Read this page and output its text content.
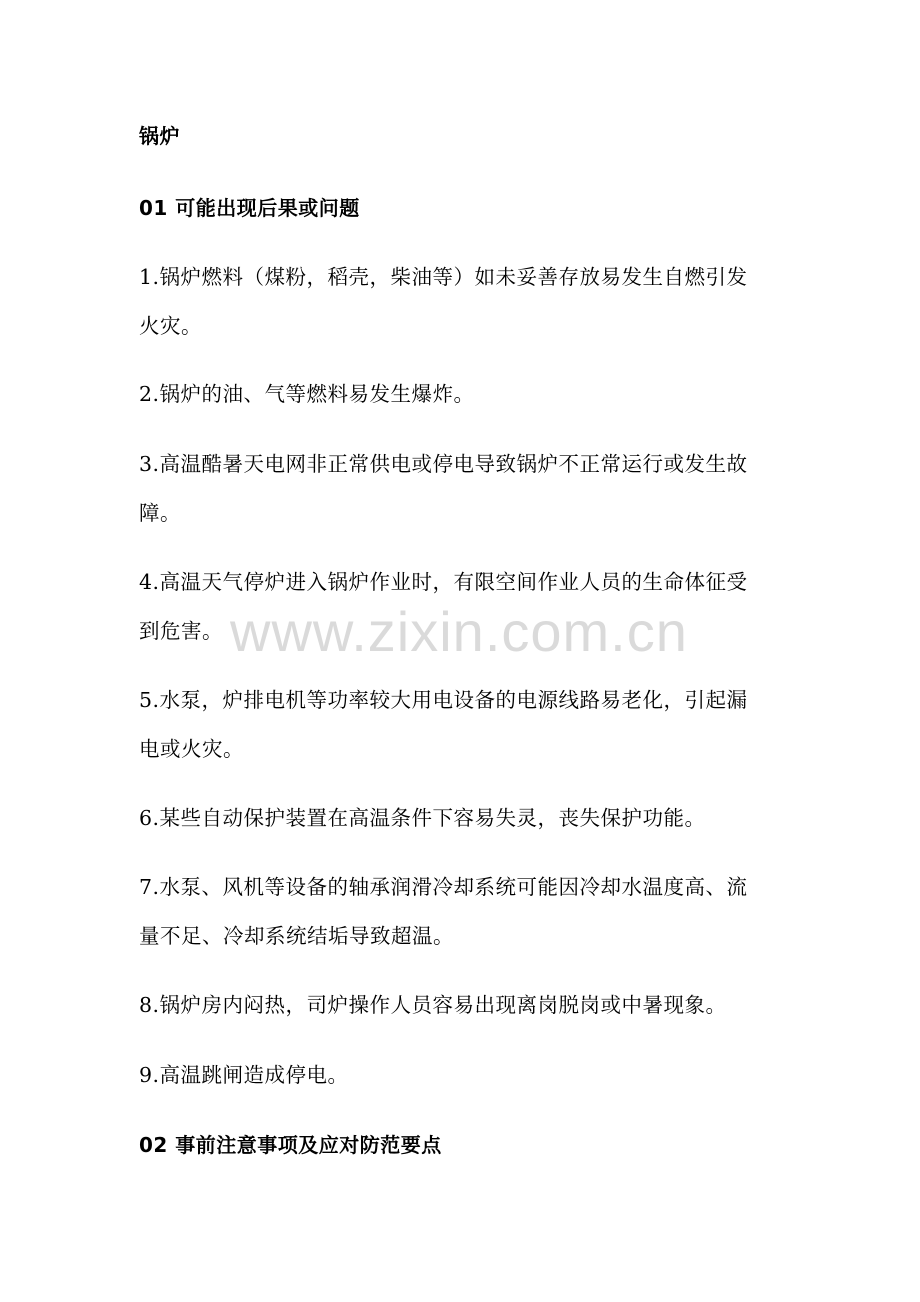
锅炉
01 可能出现后果或问题
1.锅炉燃料（煤粉，稻壳，柴油等）如未妥善存放易发生自燃引发
火灾。
2.锅炉的油、气等燃料易发生爆炸。
3.高温酷暑天电网非正常供电或停电导致锅炉不正常运行或发生故
障。
4.高温天气停炉进入锅炉作业时，有限空间作业人员的生命体征受
到危害。
5.水泵，炉排电机等功率较大用电设备的电源线路易老化，引起漏
电或火灾。
6.某些自动保护装置在高温条件下容易失灵，丧失保护功能。
7.水泵、风机等设备的轴承润滑冷却系统可能因冷却水温度高、流
量不足、冷却系统结垢导致超温。
8.锅炉房内闷热，司炉操作人员容易出现离岗脱岗或中暑现象。
9.高温跳闸造成停电。
02 事前注意事项及应对防范要点
www.zixin.com.cn
